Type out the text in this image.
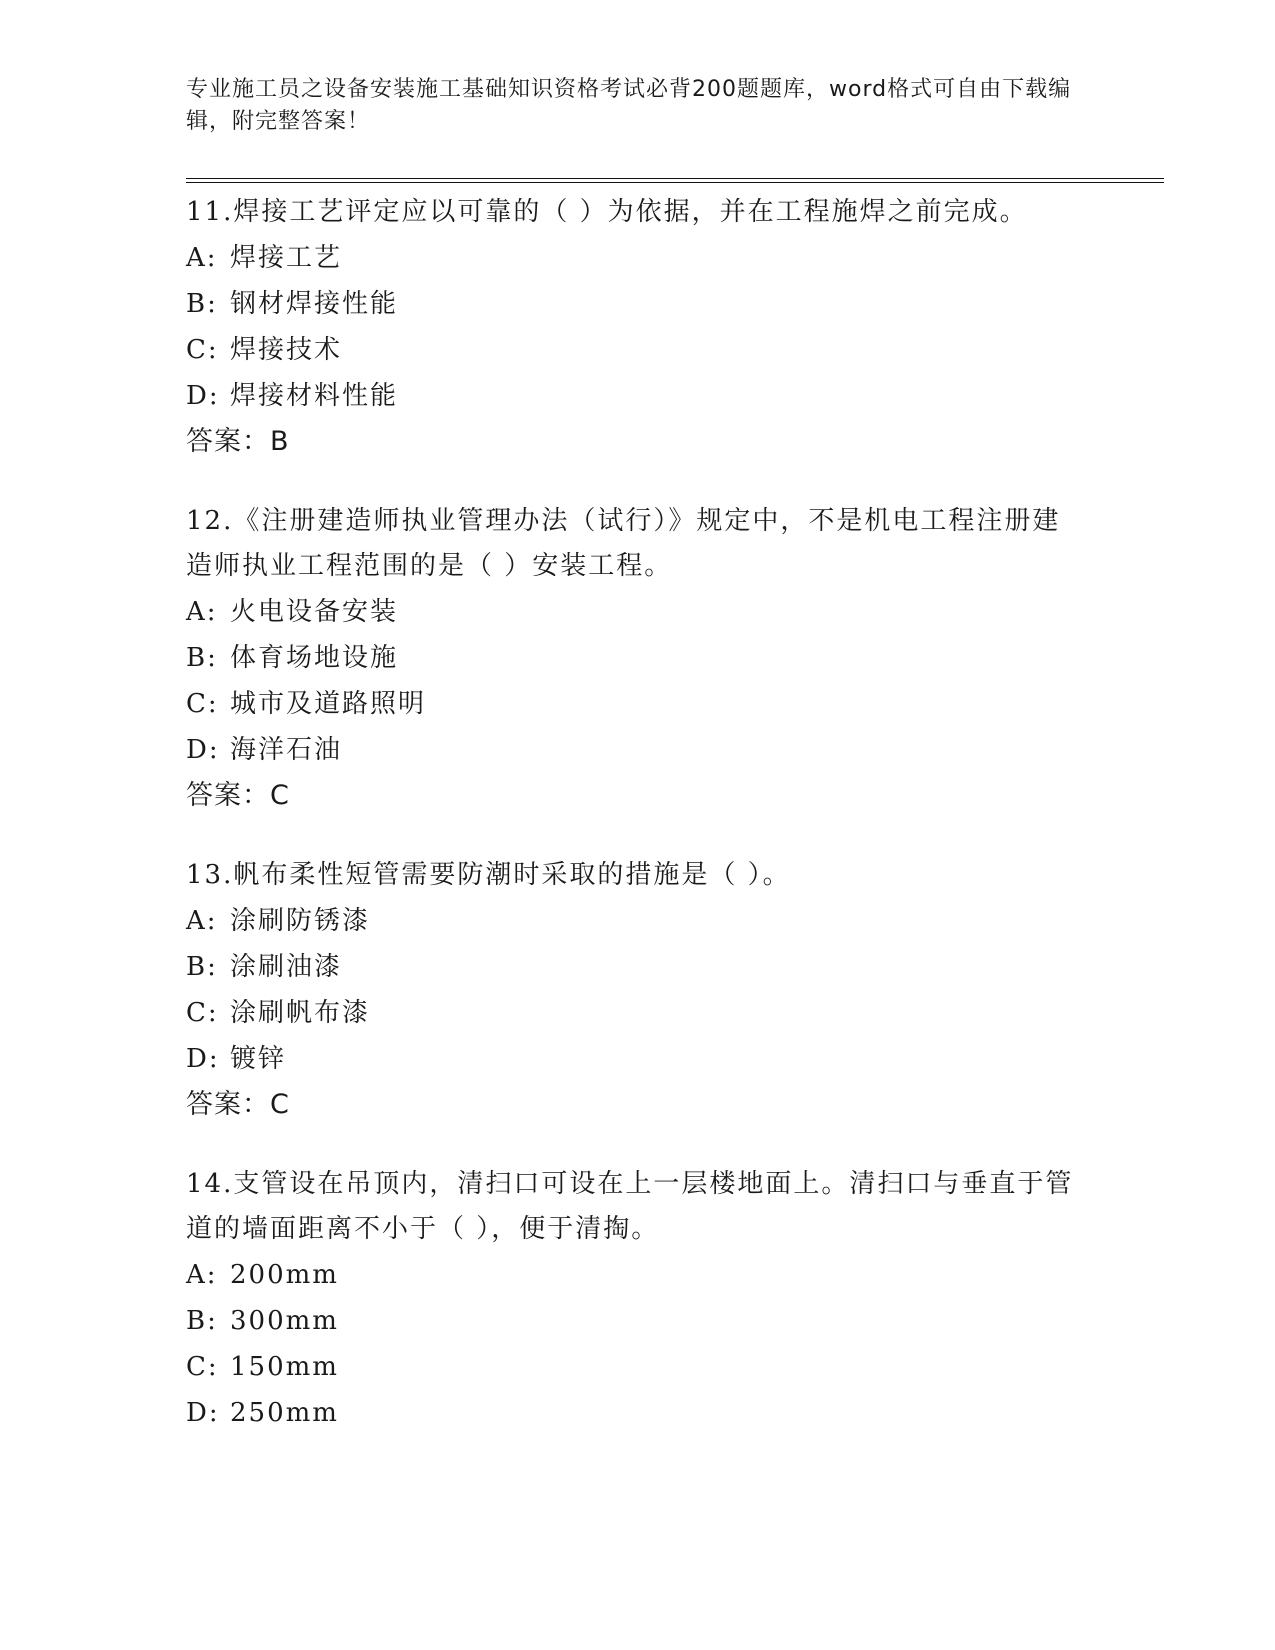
专业施工员之设备安装施工基础知识资格考试必背200题题库，word格式可自由下载编辑，附完整答案！

11.焊接工艺评定应以可靠的（ ）为依据，并在工程施焊之前完成。

A: 焊接工艺

B: 钢材焊接性能

C: 焊接技术

D: 焊接材料性能

答案：B

12.《注册建造师执业管理办法（试行）》规定中，不是机电工程注册建造师执业工程范围的是（ ）安装工程。

A: 火电设备安装

B: 体育场地设施

C: 城市及道路照明

D: 海洋石油

答案：C

13.帆布柔性短管需要防潮时采取的措施是（ ）。

A: 涂刷防锈漆

B: 涂刷油漆

C: 涂刷帆布漆

D: 镀锌

答案：C

14.支管设在吊顶内，清扫口可设在上一层楼地面上。清扫口与垂直于管道的墙面距离不小于（ ），便于清掏。

A: 200mm

B: 300mm

C: 150mm

D: 250mm
